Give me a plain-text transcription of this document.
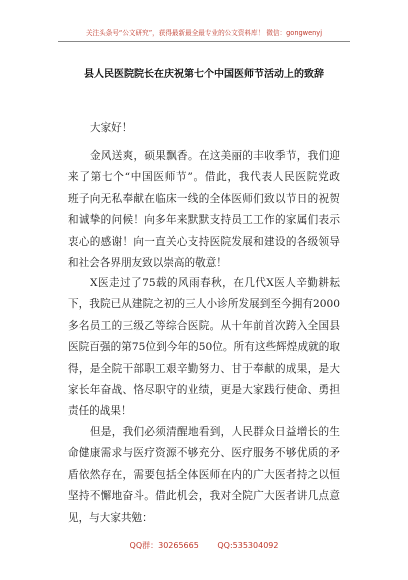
关注头条号“公文研究”，获得最新最全最专业的公文资料库！ 微信：gongwenyj
县人民医院院长在庆祝第七个中国医师节活动上的致辞
大家好！
金风送爽，硕果飘香。在这美丽的丰收季节，我们迎
来了第七个“中国医师节”。借此，我代表人民医院党政
班子向无私奉献在临床一线的全体医师们致以节日的祝贺
和诚挚的问候！向多年来默默支持员工工作的家属们表示
衷心的感谢！向一直关心支持医院发展和建设的各级领导
和社会各界朋友致以崇高的敬意！
X医走过了75载的风雨春秋，在几代X医人辛勤耕耘
下，我院已从建院之初的三人小诊所发展到至今拥有2000
多名员工的三级乙等综合医院。从十年前首次跨入全国县
医院百强的第75位到今年的50位。所有这些辉煌成就的取
得，是全院干部职工艰辛勤努力、甘于奉献的成果，是大
家长年奋战、恪尽职守的业绩，更是大家践行使命、勇担
责任的战果！
但是，我们必须清醒地看到，人民群众日益增长的生
命健康需求与医疗资源不够充分、医疗服务不够优质的矛
盾依然存在，需要包括全体医师在内的广大医者持之以恒
坚持不懈地奋斗。借此机会，我对全院广大医者讲几点意
见，与大家共勉：
QQ群：30265665 QQ:535304092
